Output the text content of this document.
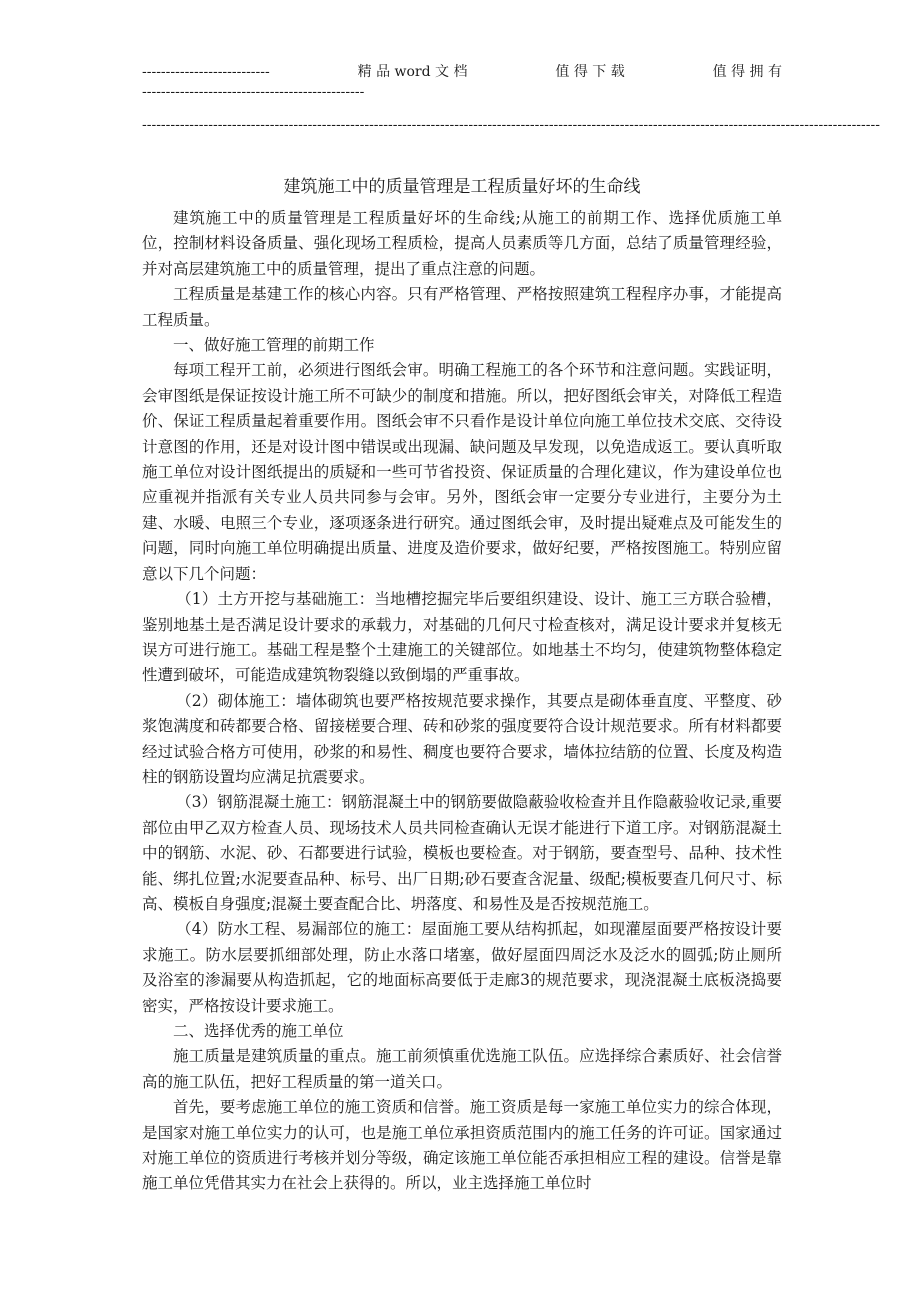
---------------------------	精 品 word 文 档	值 得 下 载	值 得 拥 有
-----------------------------------------------
------------------------------------------------------------------------------------------------------------------------------------------------------------
建筑施工中的质量管理是工程质量好坏的生命线

建筑施工中的质量管理是工程质量好坏的生命线;从施工的前期工作、选择优质施工单位，控制材料设备质量、强化现场工程质检，提高人员素质等几方面，总结了质量管理经验，并对高层建筑施工中的质量管理，提出了重点注意的问题。

工程质量是基建工作的核心内容。只有严格管理、严格按照建筑工程程序办事，才能提高工程质量。

一、做好施工管理的前期工作

每项工程开工前，必须进行图纸会审。明确工程施工的各个环节和注意问题。实践证明，会审图纸是保证按设计施工所不可缺少的制度和措施。所以，把好图纸会审关，对降低工程造价、保证工程质量起着重要作用。图纸会审不只看作是设计单位向施工单位技术交底、交待设计意图的作用，还是对设计图中错误或出现漏、缺问题及早发现，以免造成返工。要认真听取施工单位对设计图纸提出的质疑和一些可节省投资、保证质量的合理化建议，作为建设单位也应重视并指派有关专业人员共同参与会审。另外，图纸会审一定要分专业进行，主要分为土建、水暖、电照三个专业，逐项逐条进行研究。通过图纸会审，及时提出疑难点及可能发生的问题，同时向施工单位明确提出质量、进度及造价要求，做好纪要，严格按图施工。特别应留意以下几个问题：

（1）土方开挖与基础施工：当地槽挖掘完毕后要组织建设、设计、施工三方联合验槽，鉴别地基土是否满足设计要求的承载力，对基础的几何尺寸检查核对，满足设计要求并复核无误方可进行施工。基础工程是整个土建施工的关键部位。如地基土不均匀，使建筑物整体稳定性遭到破坏，可能造成建筑物裂缝以致倒塌的严重事故。

（2）砌体施工：墙体砌筑也要严格按规范要求操作，其要点是砌体垂直度、平整度、砂浆饱满度和砖都要合格、留接槎要合理、砖和砂浆的强度要符合设计规范要求。所有材料都要经过试验合格方可使用，砂浆的和易性、稠度也要符合要求，墙体拉结筋的位置、长度及构造柱的钢筋设置均应满足抗震要求。

（3）钢筋混凝土施工：钢筋混凝土中的钢筋要做隐蔽验收检查并且作隐蔽验收记录,重要部位由甲乙双方检查人员、现场技术人员共同检查确认无误才能进行下道工序。对钢筋混凝土中的钢筋、水泥、砂、石都要进行试验，模板也要检查。对于钢筋，要查型号、品种、技术性能、绑扎位置;水泥要查品种、标号、出厂日期;砂石要查含泥量、级配;模板要查几何尺寸、标高、模板自身强度;混凝土要查配合比、坍落度、和易性及是否按规范施工。

（4）防水工程、易漏部位的施工：屋面施工要从结构抓起，如现灌屋面要严格按设计要求施工。防水层要抓细部处理，防止水落口堵塞，做好屋面四周泛水及泛水的圆弧;防止厕所及浴室的渗漏要从构造抓起，它的地面标高要低于走廊3的规范要求，现浇混凝土底板浇捣要密实，严格按设计要求施工。

二、选择优秀的施工单位

施工质量是建筑质量的重点。施工前须慎重优选施工队伍。应选择综合素质好、社会信誉高的施工队伍，把好工程质量的第一道关口。

首先，要考虑施工单位的施工资质和信誉。施工资质是每一家施工单位实力的综合体现，是国家对施工单位实力的认可，也是施工单位承担资质范围内的施工任务的许可证。国家通过对施工单位的资质进行考核并划分等级，确定该施工单位能否承担相应工程的建设。信誉是靠施工单位凭借其实力在社会上获得的。所以，业主选择施工单位时
